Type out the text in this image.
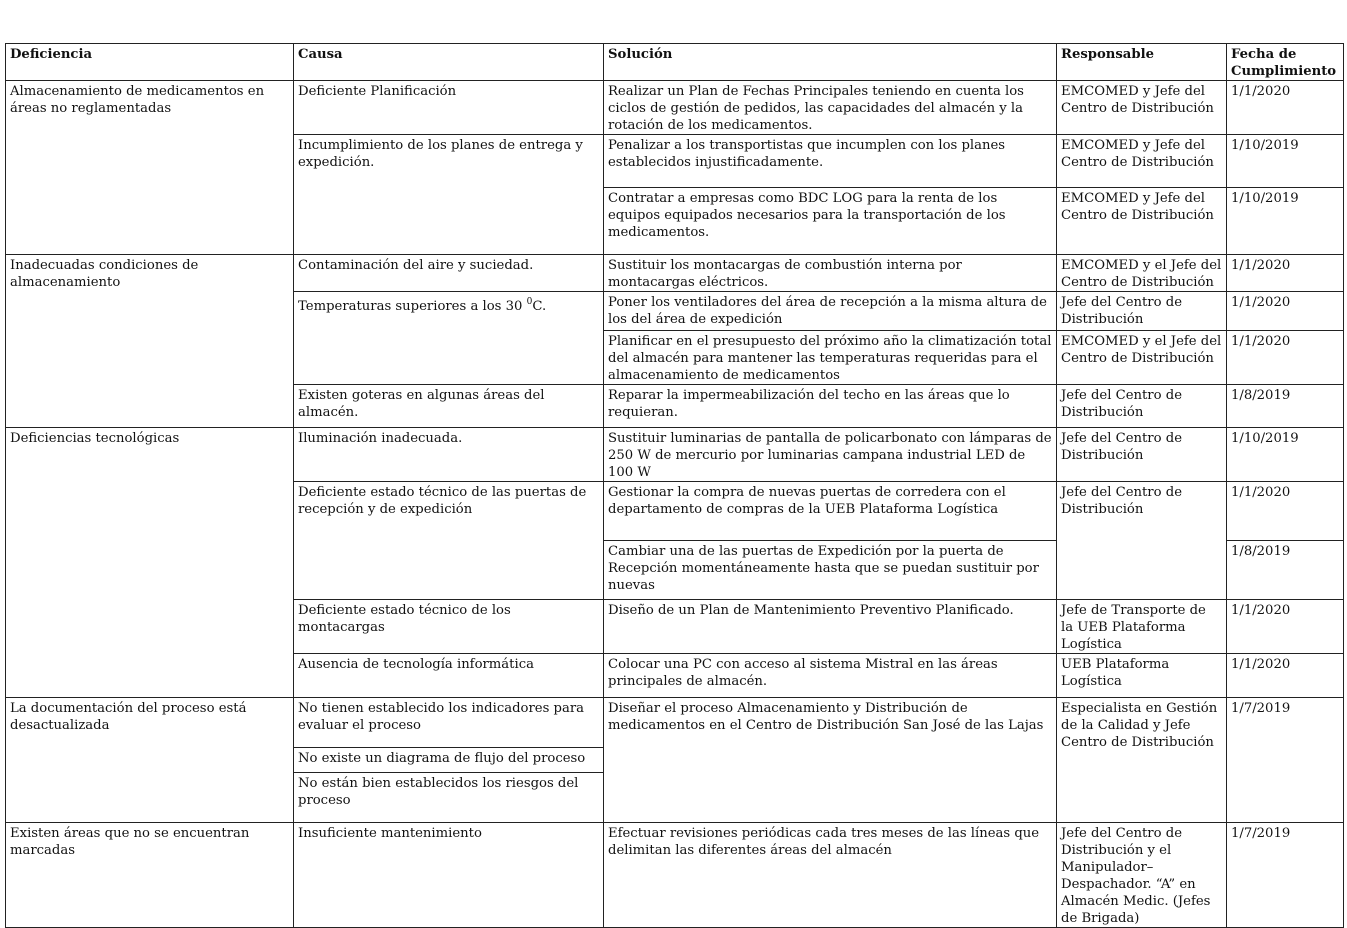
Deficiencia	Causa	Solución	Responsable	Fecha de Cumplimiento
Almacenamiento de medicamentos en áreas no reglamentadas	Deficiente Planificación	Realizar un Plan de Fechas Principales teniendo en cuenta los ciclos de gestión de pedidos, las capacidades del almacén y la rotación de los medicamentos.	EMCOMED y Jefe del Centro de Distribución	1/1/2020
	Incumplimiento de los planes de entrega y expedición.	Penalizar a los transportistas que incumplen con los planes establecidos injustificadamente.	EMCOMED y Jefe del Centro de Distribución	1/10/2019
		Contratar a empresas como BDC LOG para la renta de los equipos equipados necesarios para la transportación de los medicamentos.	EMCOMED y Jefe del Centro de Distribución	1/10/2019
Inadecuadas condiciones de almacenamiento	Contaminación del aire y suciedad.	Sustituir los montacargas de combustión interna por montacargas eléctricos.	EMCOMED y el Jefe del Centro de Distribución	1/1/2020
	Temperaturas superiores a los 30 $^0$C.	Poner los ventiladores del área de recepción a la misma altura de los del área de expedición	Jefe del Centro de Distribución	1/1/2020
		Planificar en el presupuesto del próximo año la climatización total del almacén para mantener las temperaturas requeridas para el almacenamiento de medicamentos	EMCOMED y el Jefe del Centro de Distribución	1/1/2020
	Existen goteras en algunas áreas del almacén.	Reparar la impermeabilización del techo en las áreas que lo requieran.	Jefe del Centro de Distribución	1/8/2019
Deficiencias tecnológicas	Iluminación inadecuada.	Sustituir luminarias de pantalla de policarbonato con lámparas de 250 W de mercurio por luminarias campana industrial LED de 100 W	Jefe del Centro de Distribución	1/10/2019
	Deficiente estado técnico de las puertas de recepción y de expedición	Gestionar la compra de nuevas puertas de corredera con el departamento de compras de la UEB Plataforma Logística	Jefe del Centro de Distribución	1/1/2020
		Cambiar una de las puertas de Expedición por la puerta de Recepción momentáneamente hasta que se puedan sustituir por nuevas		1/8/2019
	Deficiente estado técnico de los montacargas	Diseño de un Plan de Mantenimiento Preventivo Planificado.	Jefe de Transporte de la UEB Plataforma Logística	1/1/2020
	Ausencia de tecnología informática	Colocar una PC con acceso al sistema Mistral en las áreas principales de almacén.	UEB Plataforma Logística	1/1/2020
La documentación del proceso está desactualizada	No tienen establecido los indicadores para evaluar el proceso	Diseñar el proceso Almacenamiento y Distribución de medicamentos en el Centro de Distribución San José de las Lajas	Especialista en Gestión de la Calidad y Jefe Centro de Distribución	1/7/2019
	No existe un diagrama de flujo del proceso			
	No están bien establecidos los riesgos del proceso			
Existen áreas que no se encuentran marcadas	Insuficiente mantenimiento	Efectuar revisiones periódicas cada tres meses de las líneas que delimitan las diferentes áreas del almacén	Jefe del Centro de Distribución y el Manipulador– Despachador. “A” en Almacén Medic. (Jefes de Brigada)	1/7/2019
